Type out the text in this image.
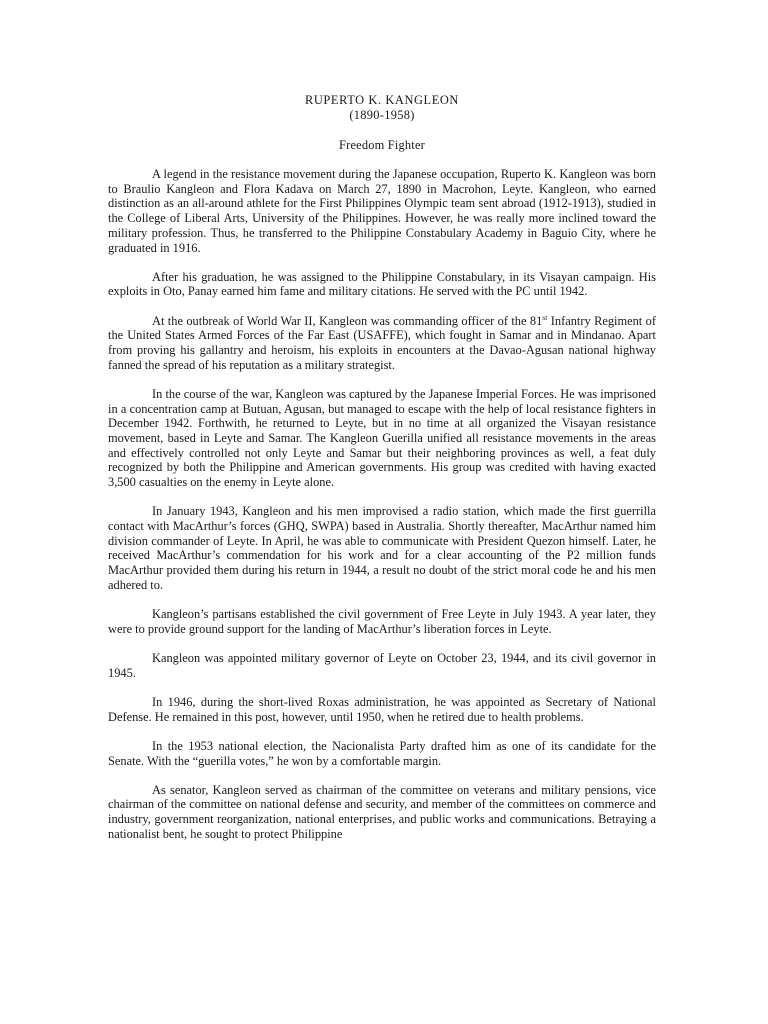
RUPERTO K. KANGLEON
(1890-1958)
Freedom Fighter

A legend in the resistance movement during the Japanese occupation, Ruperto K. Kangleon was born to Braulio Kangleon and Flora Kadava on March 27, 1890 in Macrohon, Leyte. Kangleon, who earned distinction as an all-around athlete for the First Philippines Olympic team sent abroad (1912-1913), studied in the College of Liberal Arts, University of the Philippines. However, he was really more inclined toward the military profession. Thus, he transferred to the Philippine Constabulary Academy in Baguio City, where he graduated in 1916.

After his graduation, he was assigned to the Philippine Constabulary, in its Visayan campaign. His exploits in Oto, Panay earned him fame and military citations. He served with the PC until 1942.

At the outbreak of World War II, Kangleon was commanding officer of the 81st Infantry Regiment of the United States Armed Forces of the Far East (USAFFE), which fought in Samar and in Mindanao. Apart from proving his gallantry and heroism, his exploits in encounters at the Davao-Agusan national highway fanned the spread of his reputation as a military strategist.

In the course of the war, Kangleon was captured by the Japanese Imperial Forces. He was imprisoned in a concentration camp at Butuan, Agusan, but managed to escape with the help of local resistance fighters in December 1942. Forthwith, he returned to Leyte, but in no time at all organized the Visayan resistance movement, based in Leyte and Samar. The Kangleon Guerilla unified all resistance movements in the areas and effectively controlled not only Leyte and Samar but their neighboring provinces as well, a feat duly recognized by both the Philippine and American governments. His group was credited with having exacted 3,500 casualties on the enemy in Leyte alone.

In January 1943, Kangleon and his men improvised a radio station, which made the first guerrilla contact with MacArthur’s forces (GHQ, SWPA) based in Australia. Shortly thereafter, MacArthur named him division commander of Leyte. In April, he was able to communicate with President Quezon himself. Later, he received MacArthur’s commendation for his work and for a clear accounting of the P2 million funds MacArthur provided them during his return in 1944, a result no doubt of the strict moral code he and his men adhered to.

Kangleon’s partisans established the civil government of Free Leyte in July 1943. A year later, they were to provide ground support for the landing of MacArthur’s liberation forces in Leyte.

Kangleon was appointed military governor of Leyte on October 23, 1944, and its civil governor in 1945.

In 1946, during the short-lived Roxas administration, he was appointed as Secretary of National Defense. He remained in this post, however, until 1950, when he retired due to health problems.

In the 1953 national election, the Nacionalista Party drafted him as one of its candidate for the Senate. With the “guerilla votes,” he won by a comfortable margin.

As senator, Kangleon served as chairman of the committee on veterans and military pensions, vice chairman of the committee on national defense and security, and member of the committees on commerce and industry, government reorganization, national enterprises, and public works and communications. Betraying a nationalist bent, he sought to protect Philippine
